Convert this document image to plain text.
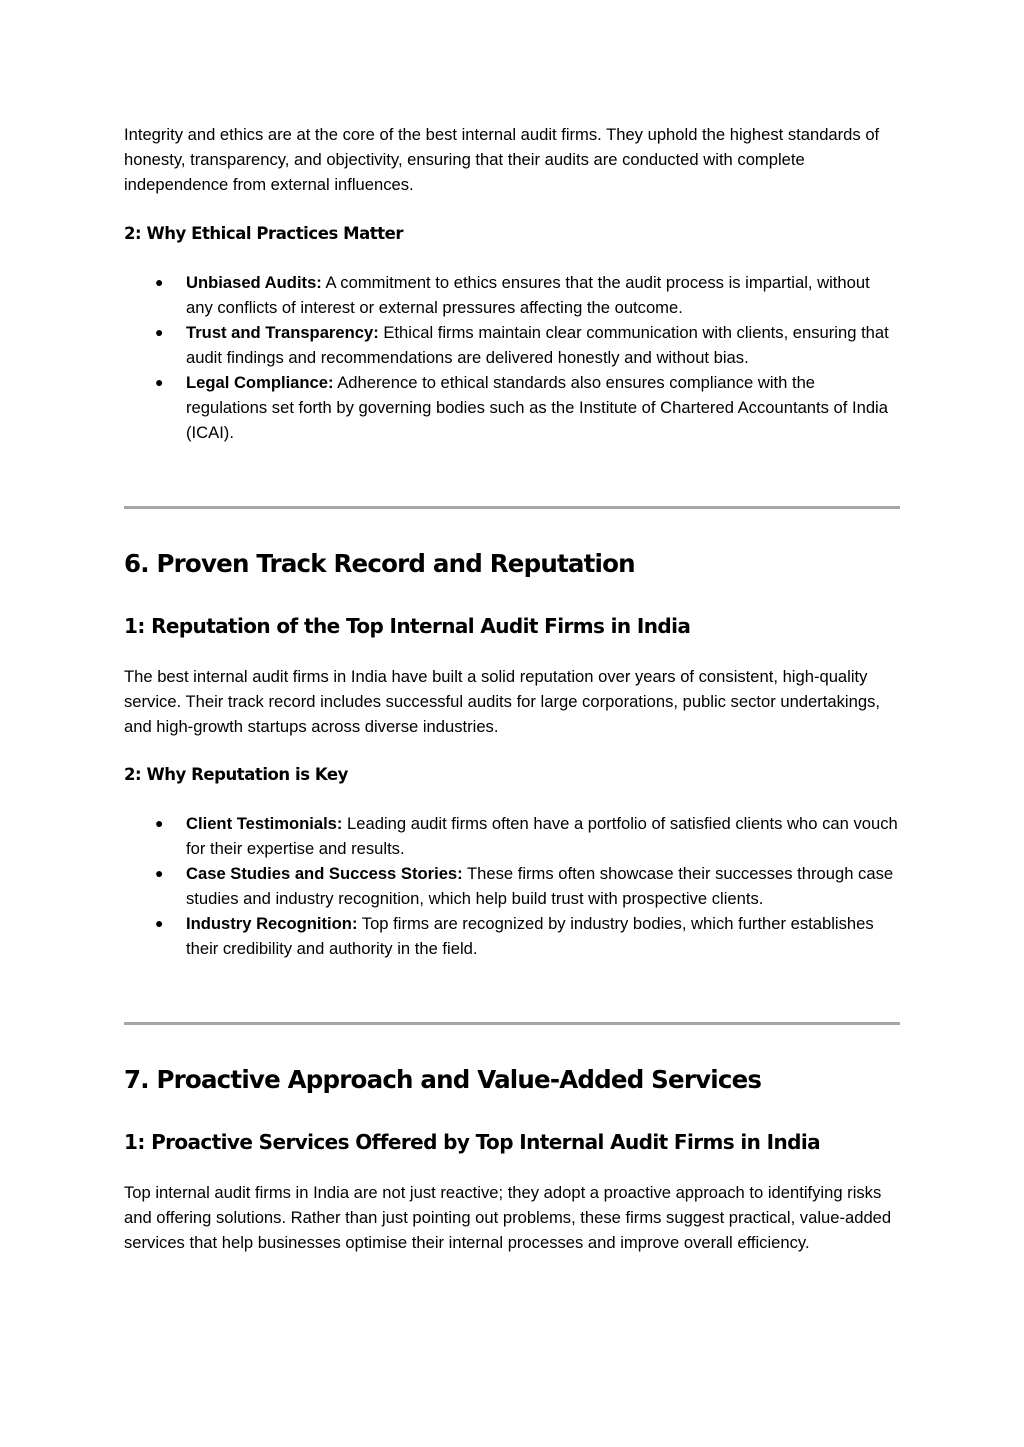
Integrity and ethics are at the core of the best internal audit firms. They uphold the highest standards of honesty, transparency, and objectivity, ensuring that their audits are conducted with complete independence from external influences.

2: Why Ethical Practices Matter
● Unbiased Audits: A commitment to ethics ensures that the audit process is impartial, without any conflicts of interest or external pressures affecting the outcome.
● Trust and Transparency: Ethical firms maintain clear communication with clients, ensuring that audit findings and recommendations are delivered honestly and without bias.
● Legal Compliance: Adherence to ethical standards also ensures compliance with the regulations set forth by governing bodies such as the Institute of Chartered Accountants of India (ICAI).
6. Proven Track Record and Reputation
1: Reputation of the Top Internal Audit Firms in India

The best internal audit firms in India have built a solid reputation over years of consistent, high-quality service. Their track record includes successful audits for large corporations, public sector undertakings, and high-growth startups across diverse industries.

2: Why Reputation is Key
● Client Testimonials: Leading audit firms often have a portfolio of satisfied clients who can vouch for their expertise and results.
● Case Studies and Success Stories: These firms often showcase their successes through case studies and industry recognition, which help build trust with prospective clients.
● Industry Recognition: Top firms are recognized by industry bodies, which further establishes their credibility and authority in the field.
7. Proactive Approach and Value-Added Services
1: Proactive Services Offered by Top Internal Audit Firms in India

Top internal audit firms in India are not just reactive; they adopt a proactive approach to identifying risks and offering solutions. Rather than just pointing out problems, these firms suggest practical, value-added services that help businesses optimise their internal processes and improve overall efficiency.
